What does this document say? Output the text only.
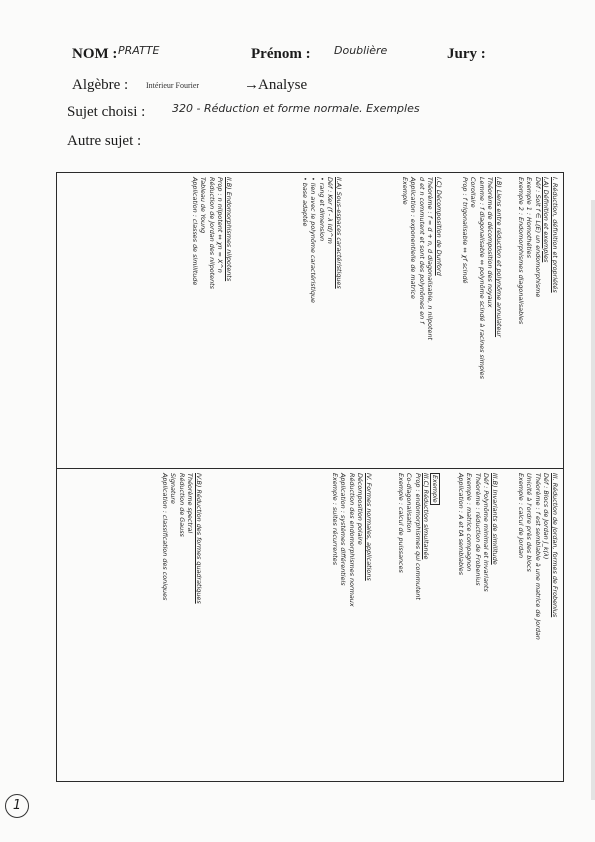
NOM : PRATTE	Prénom : Doublière	Jury :
Algèbre : Intérieur Fourier	→ Analyse
Sujet choisi : 320 - Réduction et forme normale. Exemples
Autre sujet :
I. Réduction, définition et propriétés
I.A) Définition et exemples
Déf : Soit f ∈ L(E) un endomorphisme
Exemple 1 : Homothéties
Exemple 2 : Endomorphismes diagonalisables
I.B) Liens entre réduction et polynôme annulateur
Théorème de décomposition des noyaux
Lemme : f diagonalisable ⇔ polynôme scindé à racines simples
Corollaire
Prop : f trigonalisable ⇔ χf scindé
I.C) Décomposition de Dunford
Théorème : f = d + n, d diagonalisable, n nilpotent
d et n commutent et sont des polynômes en f
Application : exponentielle de matrice
Exemple
II.A) Sous-espaces caractéristiques
Déf : Ker (f - λ Id)^m
• rang et dimension
• lien avec le polynôme caractéristique
• base adaptée
II.B) Endomorphismes nilpotents
Prop : n nilpotent ⇔ χn = X^n
Réduction de Jordan des nilpotents
Tableau de Young
Application : classes de similitude
III. Réduction de Jordan, formes de Frobenius
Déf : Blocs de Jordan J_k(λ)
Théorème : f est semblable à une matrice de Jordan
Unicité à l'ordre près des blocs
Exemple : calcul de Jordan
III.B) Invariants de similitude
Déf : Polynôme minimal et invariants
Théorème : réduction de Frobenius
Exemple : matrice compagnon
Application : A et tA semblables
Exemple
III.C) Réduction simultanée
Prop : endomorphismes qui commutent
Co-diagonalisation
Exemple : calcul de puissances
IV. Formes normales, applications
Décomposition polaire
Réduction des endomorphismes normaux
Application : systèmes différentiels
Exemple : suites récurrentes
IV.B) Réduction des formes quadratiques
Théorème spectral
Réduction de Gauss
Signature
Application : classification des coniques
1
